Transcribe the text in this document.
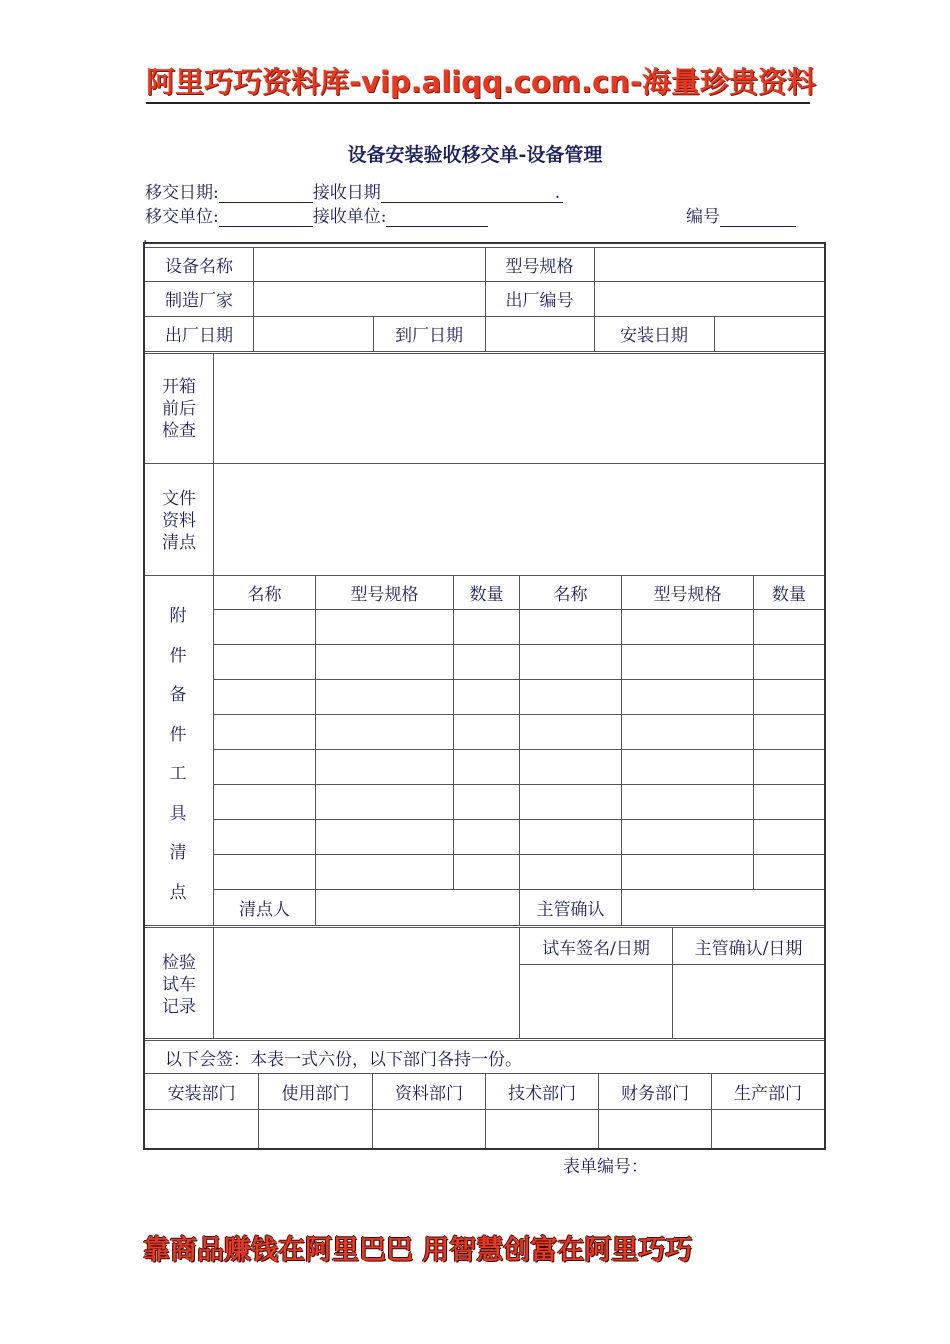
阿里巧巧资料库-vip.aliqq.com.cn-海量珍贵资料
设备安装验收移交单-设备管理
移交日期:	接收日期	.
移交单位:	接收单位:	编号
.
设备名称	型号规格
制造厂家	出厂编号
出厂日期	到厂日期	安装日期
开箱
前后
检查
文件
资料
清点
附
件
备
件
工
具
清
点
名称	型号规格	数量	名称	型号规格	数量
清点人	主管确认
检验
试车
记录
试车签名/日期	主管确认/日期
以下会签：本表一式六份，以下部门各持一份。
安装部门	使用部门	资料部门	技术部门	财务部门	生产部门
表单编号：
靠商品赚钱在阿里巴巴 用智慧创富在阿里巧巧
